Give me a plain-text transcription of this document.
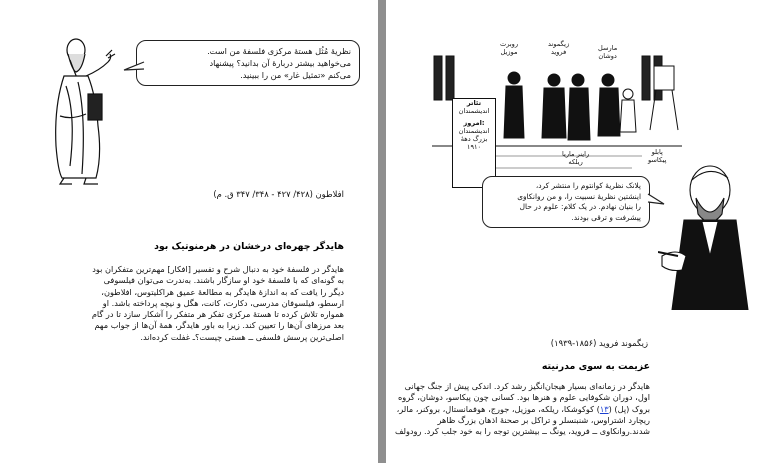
نظریهٔ مُثُل هستهٔ مرکزی فلسفهٔ من است.
می‌خواهید بیشتر دربارهٔ آن بدانید؟ پیشنهاد
می‌کنم «تمثیل غار» من را ببینید.
افلاطون (۴۲۸/ ۴۲۷ - ۳۴۸/ ۳۴۷ ق. م)
هایدگر چهره‌ای درخشان در هرمنوتیک بود
هایدگر در فلسفهٔ خود به دنبال شرح و تفسیر [افکار] مهم‌ترین متفکران بود
به گونه‌ای که با فلسفهٔ خود او سازگار باشند. به‌ندرت می‌توان فیلسوفی
دیگر را یافت که به اندازهٔ هایدگر به مطالعهٔ عمیق هراکلیتوس، افلاطون،
ارسطو، فیلسوفان مدرسی، دکارت، کانت، هگل و نیچه پرداخته باشد. او
همواره تلاش کرده تا هستهٔ مرکزی تفکر هر متفکر را آشکار سازد تا در گام
بعد مرزهای آن‌ها را تعیین کند. زیرا به باور هایدگر، همهٔ آن‌ها از جواب مهم
اصلی‌ترین پرسش فلسفی ــ هستی چیست؟ـ غفلت کرده‌اند.
روبرت
موزیل
زیگموند
فروید	مارسل
دوشان
تئاتر
اندیشمندان
امروز:
اندیشمندان
بزرگ دههٔ
۱۹۱۰
راینر ماریا
ریلکه
پابلو
پیکاسو
پلانک نظریهٔ کوانتوم را منتشر کرد،
اینشتین نظریهٔ نسبیت را، و من روانکاوی
را بنیان نهادم. در یک کلام: علوم در حال
پیشرفت و ترقی بودند.
زیگموند فروید (۱۸۵۶-۱۹۳۹)
عزیمت به سوی مدرنیته
هایدگر در زمانه‌ای بسیار هیجان‌انگیز رشد کرد. اندکی پیش از جنگ جهانی
اول، دوران شکوفایی علوم و هنرها بود. کسانی چون پیکاسو، دوشان، گروه
بروک (پل) (۱۳) کوکوشکا، ریلکه، موزیل، جورج، هوفمانستال، بروکنر، مالر،
ریچارد اشتراوس، شنبنسلر و تراکل بر صحنهٔ اذهان بزرگ ظاهر
شدند.روانکاوی ــ فروید، یونگ ــ بیشترین توجه را به خود جلب کرد. رودولف
